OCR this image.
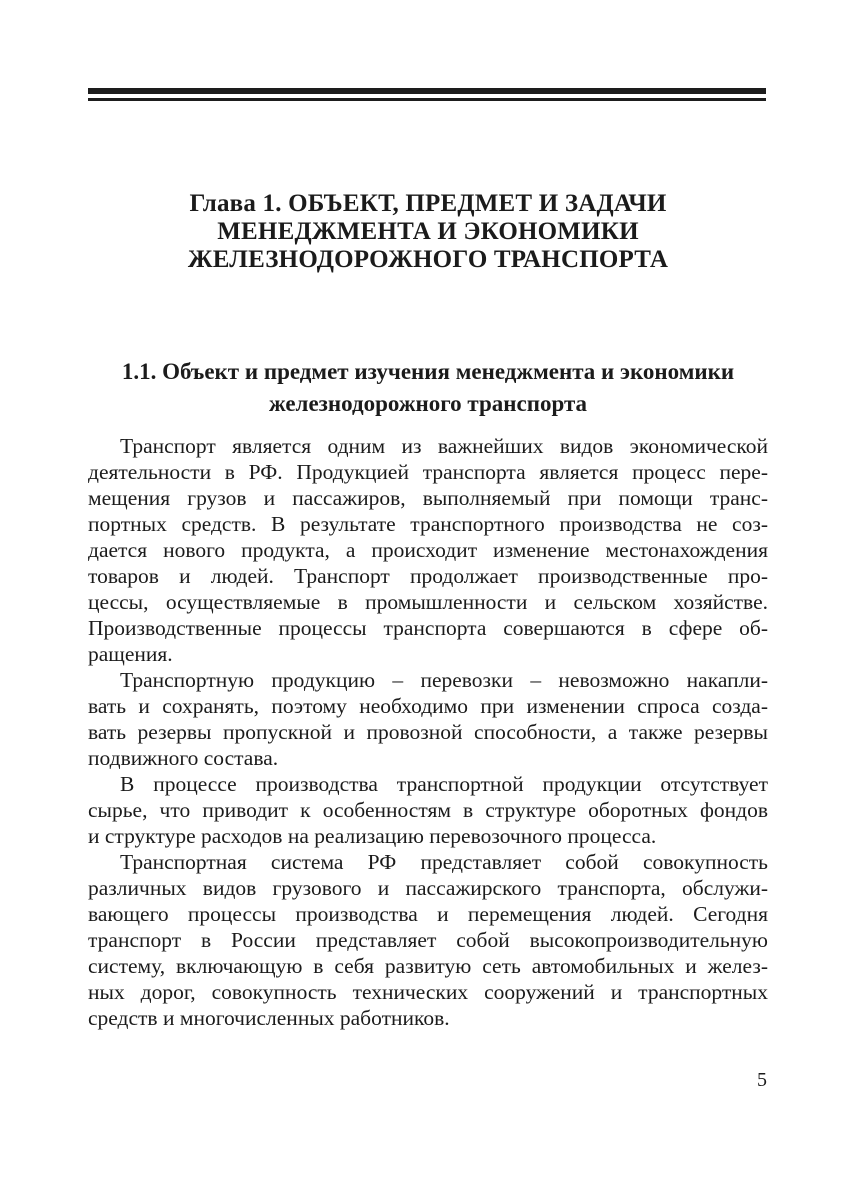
Глава 1. ОБЪЕКТ, ПРЕДМЕТ И ЗАДАЧИ
МЕНЕДЖМЕНТА И ЭКОНОМИКИ
ЖЕЛЕЗНОДОРОЖНОГО ТРАНСПОРТА
1.1. Объект и предмет изучения менеджмента и экономики
железнодорожного транспорта

Транспорт является одним из важнейших видов экономической
деятельности в РФ. Продукцией транспорта является процесс пере-
мещения грузов и пассажиров, выполняемый при помощи транс-
портных средств. В результате транспортного производства не соз-
дается нового продукта, а происходит изменение местонахождения
товаров и людей. Транспорт продолжает производственные про-
цессы, осуществляемые в промышленности и сельском хозяйстве.
Производственные процессы транспорта совершаются в сфере об-
ращения.

Транспортную продукцию – перевозки – невозможно накапли-
вать и сохранять, поэтому необходимо при изменении спроса созда-
вать резервы пропускной и провозной способности, а также резервы
подвижного состава.

В процессе производства транспортной продукции отсутствует
сырье, что приводит к особенностям в структуре оборотных фондов
и структуре расходов на реализацию перевозочного процесса.

Транспортная система РФ представляет собой совокупность
различных видов грузового и пассажирского транспорта, обслужи-
вающего процессы производства и перемещения людей. Сегодня
транспорт в России представляет собой высокопроизводительную
систему, включающую в себя развитую сеть автомобильных и желез-
ных дорог, совокупность технических сооружений и транспортных
средств и многочисленных работников.

5
